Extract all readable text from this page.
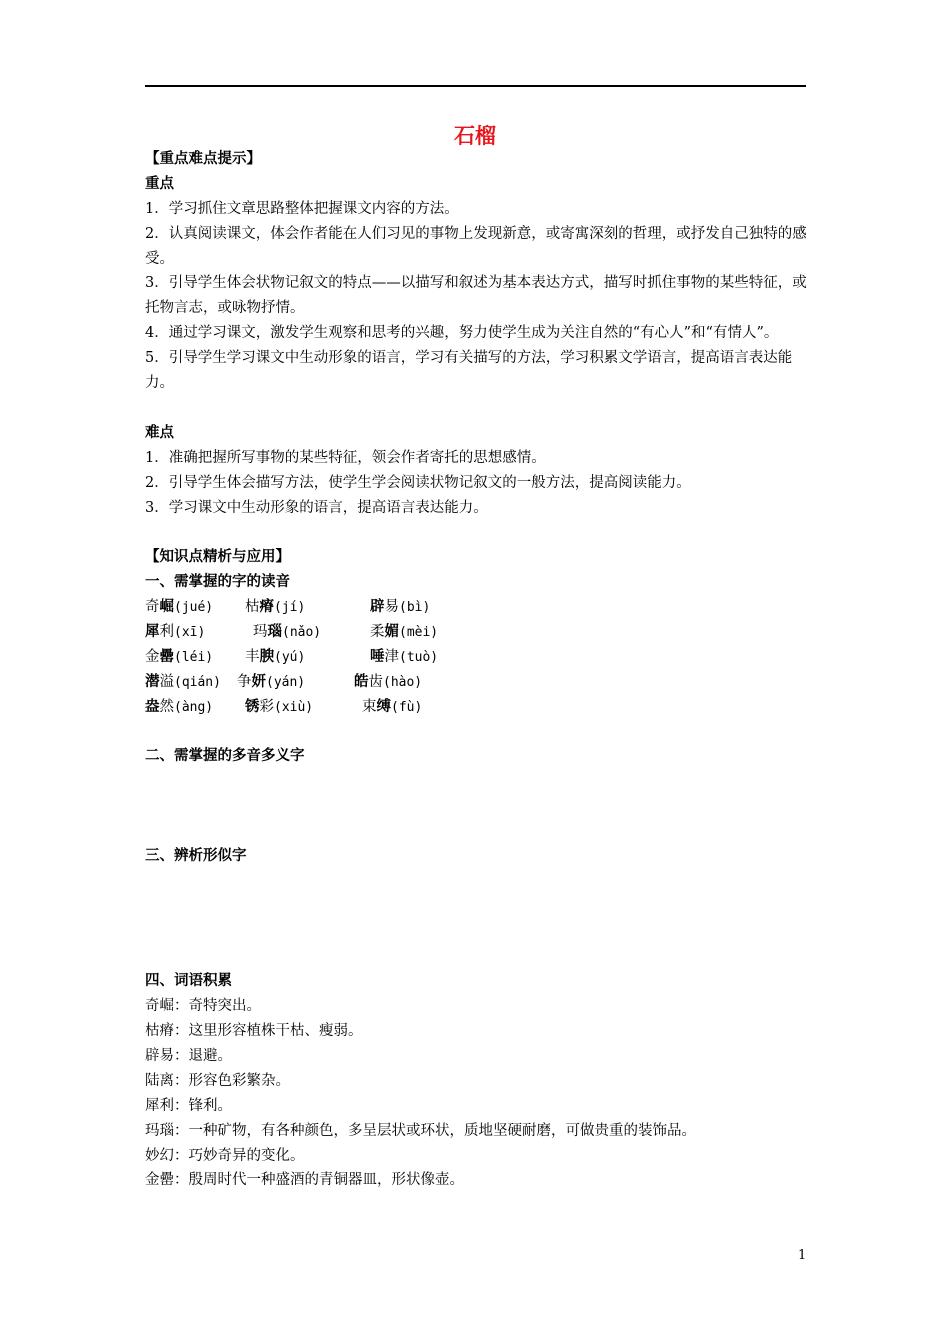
石榴
【重点难点提示】
重点
1．学习抓住文章思路整体把握课文内容的方法。
2．认真阅读课文，体会作者能在人们习见的事物上发现新意，或寄寓深刻的哲理，或抒发自己独特的感受。
3．引导学生体会状物记叙文的特点——以描写和叙述为基本表达方式，描写时抓住事物的某些特征，或托物言志，或咏物抒情。
4．通过学习课文，激发学生观察和思考的兴趣，努力使学生成为关注自然的“有心人”和“有情人”。
5．引导学生学习课文中生动形象的语言，学习有关描写的方法，学习积累文学语言，提高语言表达能力。
难点
1．准确把握所写事物的某些特征，领会作者寄托的思想感情。
2．引导学生体会描写方法，使学生学会阅读状物记叙文的一般方法，提高阅读能力。
3．学习课文中生动形象的语言，提高语言表达能力。
【知识点精析与应用】
一、需掌握的字的读音
奇崛(jué) 枯瘠(jí)	辟易(bì)
犀利(xī)	玛瑙(nǎo)	柔媚(mèi)
金罍(léi) 丰腴(yú)	唾津(tuò)
潜溢(qián) 争妍(yán)	皓齿(hào)
盎然(àng) 锈彩(xiù)	束缚(fù)
二、需掌握的多音多义字
三、辨析形似字
四、词语积累
奇崛：奇特突出。
枯瘠：这里形容植株干枯、瘦弱。
辟易：退避。
陆离：形容色彩繁杂。
犀利：锋利。
玛瑙：一种矿物，有各种颜色，多呈层状或环状，质地坚硬耐磨，可做贵重的装饰品。
妙幻：巧妙奇异的变化。
金罍：殷周时代一种盛酒的青铜器皿，形状像壶。
1
